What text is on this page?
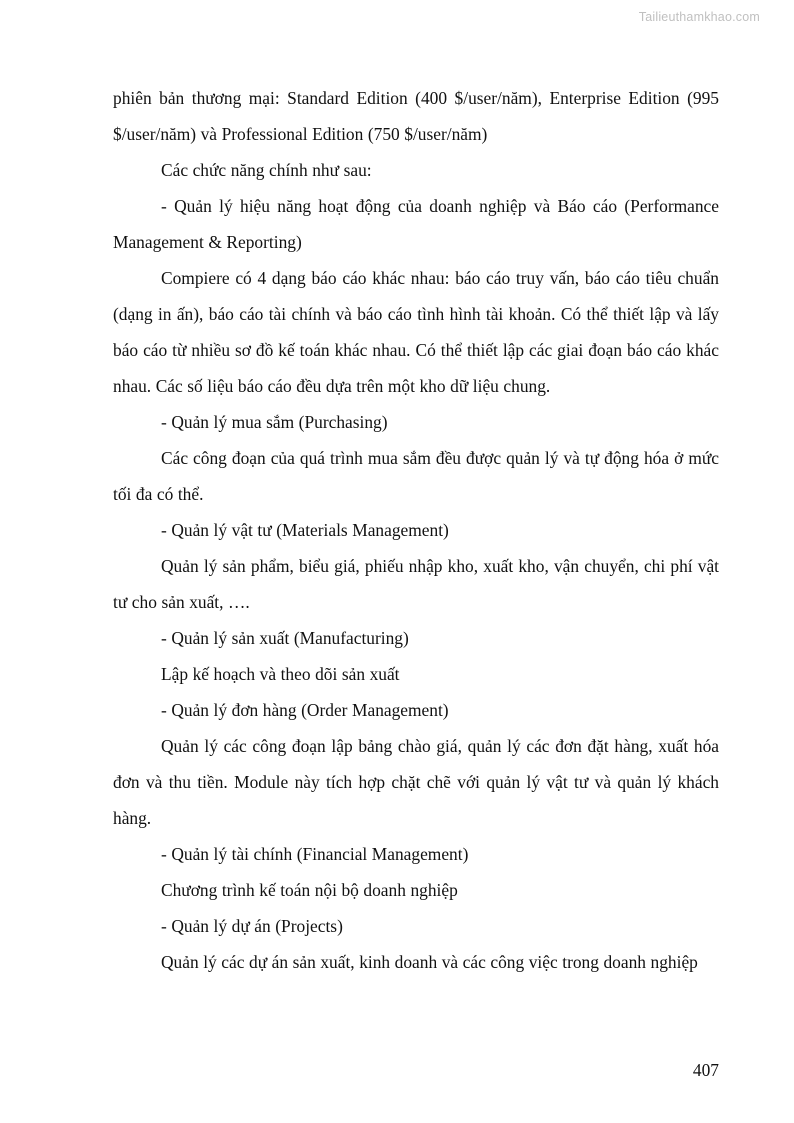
Tailieuthamkhao.com

phiên bản thương mại: Standard Edition (400 $/user/năm), Enterprise Edition (995 $/user/năm) và Professional Edition (750 $/user/năm)

Các chức năng chính như sau:

- Quản lý hiệu năng hoạt động của doanh nghiệp và Báo cáo (Performance Management & Reporting)

Compiere có 4 dạng báo cáo khác nhau: báo cáo truy vấn, báo cáo tiêu chuẩn (dạng in ấn), báo cáo tài chính và báo cáo tình hình tài khoản. Có thể thiết lập và lấy báo cáo từ nhiều sơ đồ kế toán khác nhau. Có thể thiết lập các giai đoạn báo cáo khác nhau. Các số liệu báo cáo đều dựa trên một kho dữ liệu chung.

- Quản lý mua sắm (Purchasing)

Các công đoạn của quá trình mua sắm đều được quản lý và tự động hóa ở mức tối đa có thể.

- Quản lý vật tư (Materials Management)

Quản lý sản phẩm, biểu giá, phiếu nhập kho, xuất kho, vận chuyển, chi phí vật tư cho sản xuất, ….

- Quản lý sản xuất (Manufacturing)

Lập kế hoạch và theo dõi sản xuất

- Quản lý đơn hàng (Order Management)

Quản lý các công đoạn lập bảng chào giá, quản lý các đơn đặt hàng, xuất hóa đơn và thu tiền. Module này tích hợp chặt chẽ với quản lý vật tư và quản lý khách hàng.

- Quản lý tài chính (Financial Management)

Chương trình kế toán nội bộ doanh nghiệp

- Quản lý dự án (Projects)

Quản lý các dự án sản xuất, kinh doanh và các công việc trong doanh nghiệp

407
